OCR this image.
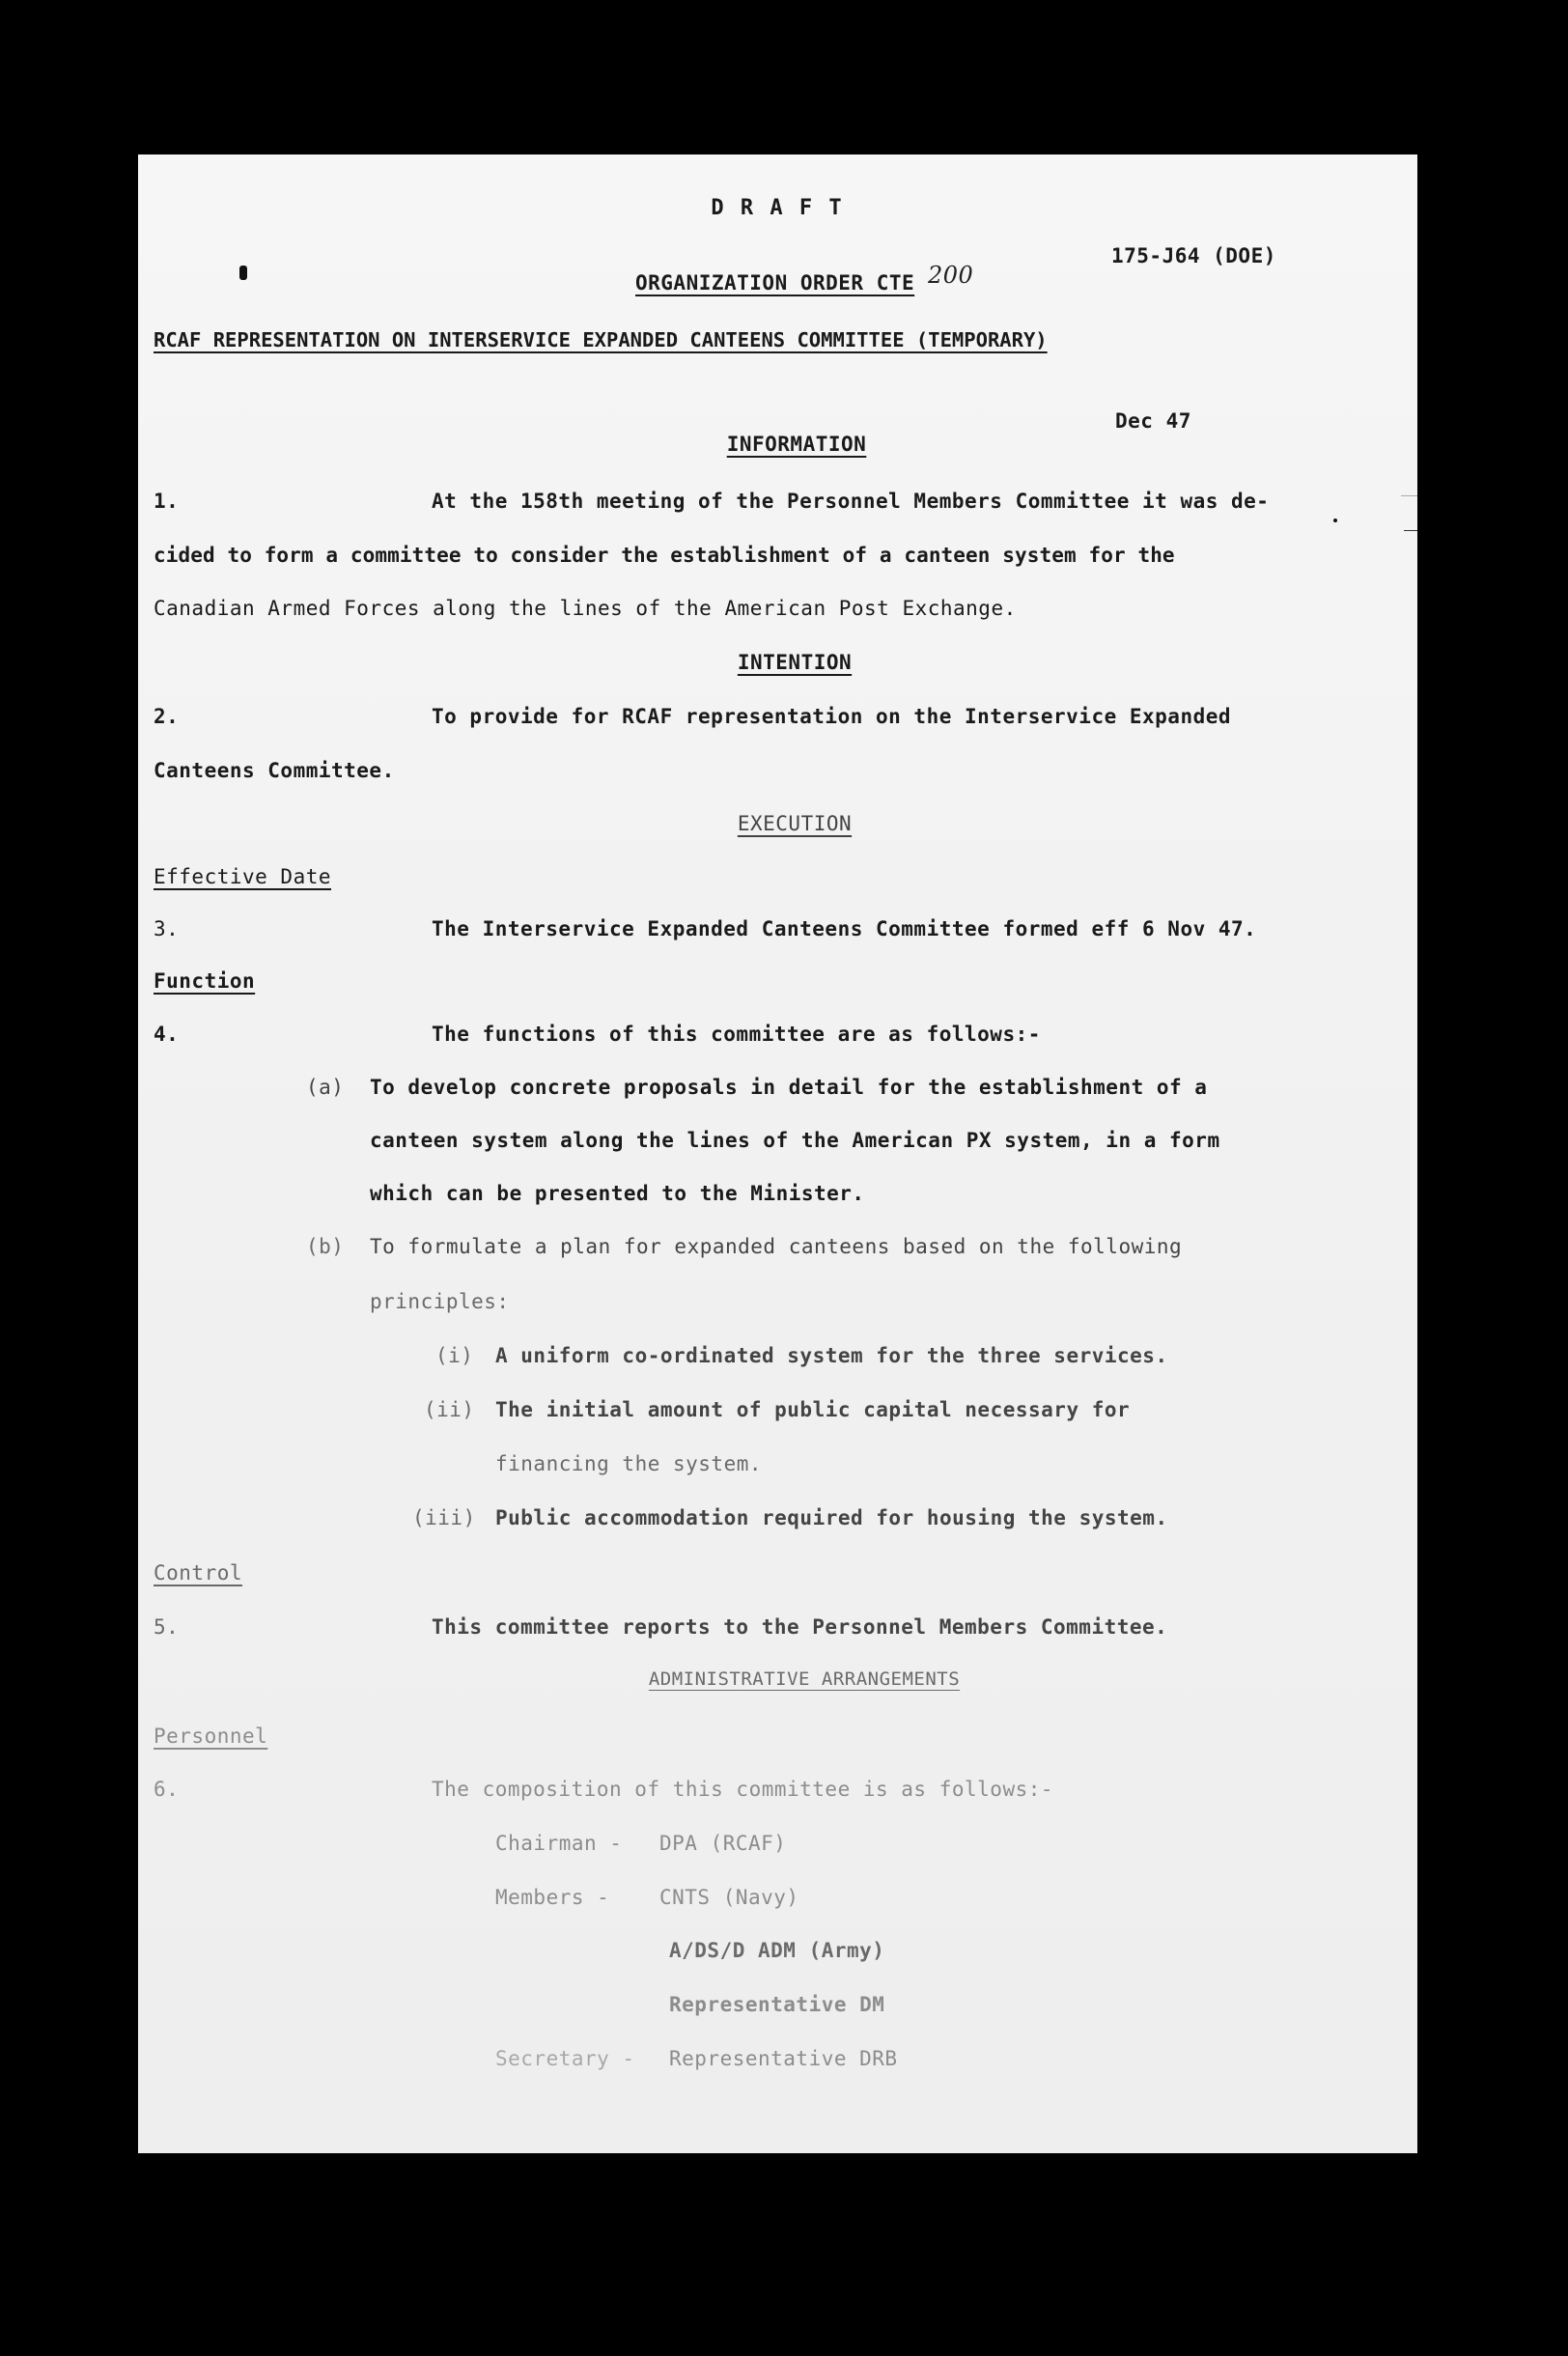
D R A F T
175-J64 (DOE)
ORGANIZATION ORDER CTE 200
RCAF REPRESENTATION ON INTERSERVICE EXPANDED CANTEENS COMMITTEE (TEMPORARY)
Dec 47
INFORMATION
1.	At the 158th meeting of the Personnel Members Committee it was de-
cided to form a committee to consider the establishment of a canteen system for the
Canadian Armed Forces along the lines of the American Post Exchange.
INTENTION
2.	To provide for RCAF representation on the Interservice Expanded
Canteens Committee.
EXECUTION
Effective Date
3.	The Interservice Expanded Canteens Committee formed eff 6 Nov 47.
Function
4.	The functions of this committee are as follows:-
(a) To develop concrete proposals in detail for the establishment of a
canteen system along the lines of the American PX system, in a form
which can be presented to the Minister.
(b) To formulate a plan for expanded canteens based on the following
principles:
(i) A uniform co-ordinated system for the three services.
(ii) The initial amount of public capital necessary for
financing the system.
(iii) Public accommodation required for housing the system.
Control
5.	This committee reports to the Personnel Members Committee.
ADMINISTRATIVE ARRANGEMENTS
Personnel
6.	The composition of this committee is as follows:-
Chairman - DPA (RCAF)
Members - CNTS (Navy)
A/DS/D ADM (Army)
Representative DM
Secretary - Representative DRB
